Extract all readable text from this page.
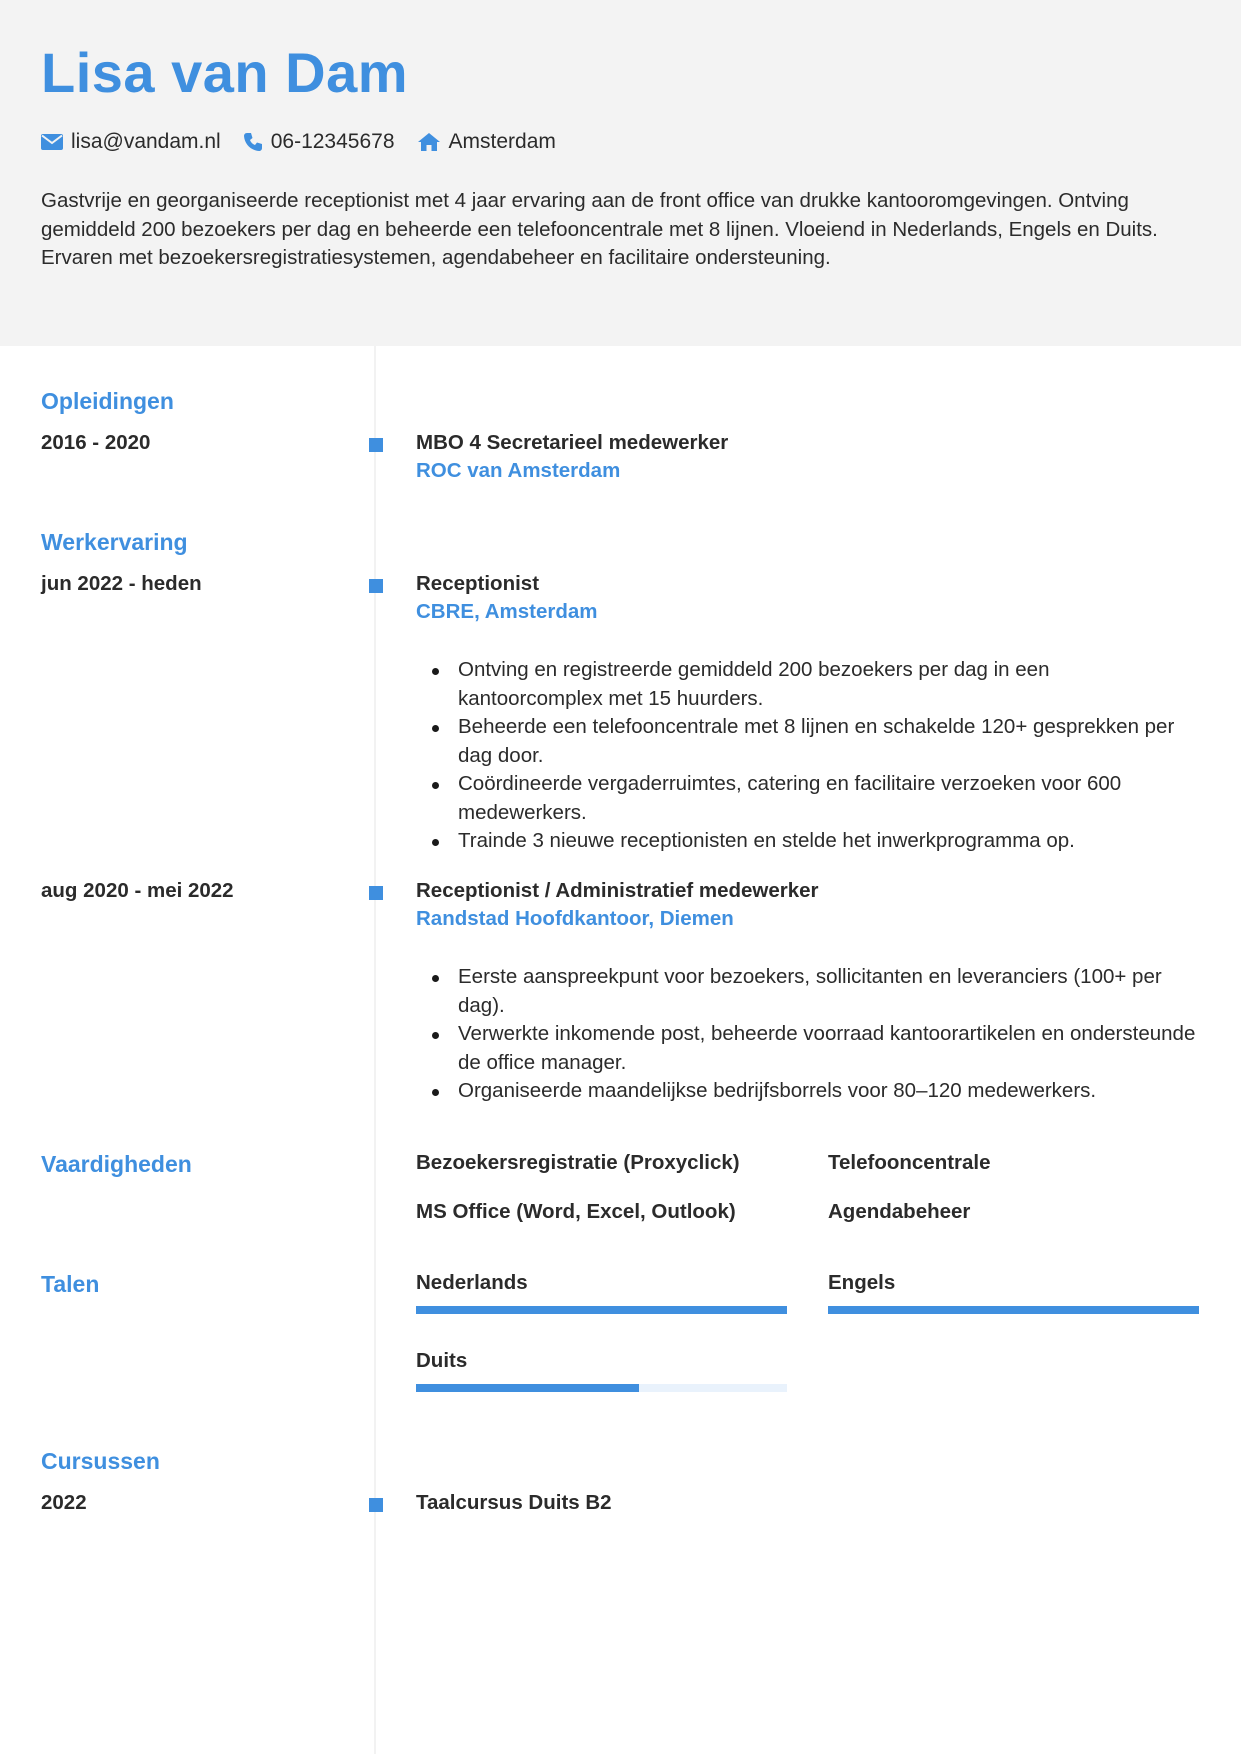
Lisa van Dam
lisa@vandam.nl 06-12345678	Amsterdam

Gastvrije en georganiseerde receptionist met 4 jaar ervaring aan de front office van drukke kantooromgevingen. Ontving gemiddeld 200 bezoekers per dag en beheerde een telefooncentrale met 8 lijnen. Vloeiend in Nederlands, Engels en Duits. Ervaren met bezoekersregistratiesystemen, agendabeheer en facilitaire ondersteuning.

Opleidingen
2016 - 2020	MBO 4 Secretarieel medewerker
ROC van Amsterdam
Werkervaring
jun 2022 - heden	Receptionist
CBRE, Amsterdam
Ontving en registreerde gemiddeld 200 bezoekers per dag in een kantoorcomplex met 15 huurders.
Beheerde een telefooncentrale met 8 lijnen en schakelde 120+ gesprekken per dag door.
Coördineerde vergaderruimtes, catering en facilitaire verzoeken voor 600 medewerkers.
Trainde 3 nieuwe receptionisten en stelde het inwerkprogramma op.
aug 2020 - mei 2022	Receptionist / Administratief medewerker
Randstad Hoofdkantoor, Diemen
Eerste aanspreekpunt voor bezoekers, sollicitanten en leveranciers (100+ per dag).
Verwerkte inkomende post, beheerde voorraad kantoorartikelen en ondersteunde de office manager.
Organiseerde maandelijkse bedrijfsborrels voor 80–120 medewerkers.
Vaardigheden	Bezoekersregistratie (Proxyclick)	Telefooncentrale
MS Office (Word, Excel, Outlook)	Agendabeheer
Talen	Nederlands	Engels
Duits
Cursussen
2022	Taalcursus Duits B2
